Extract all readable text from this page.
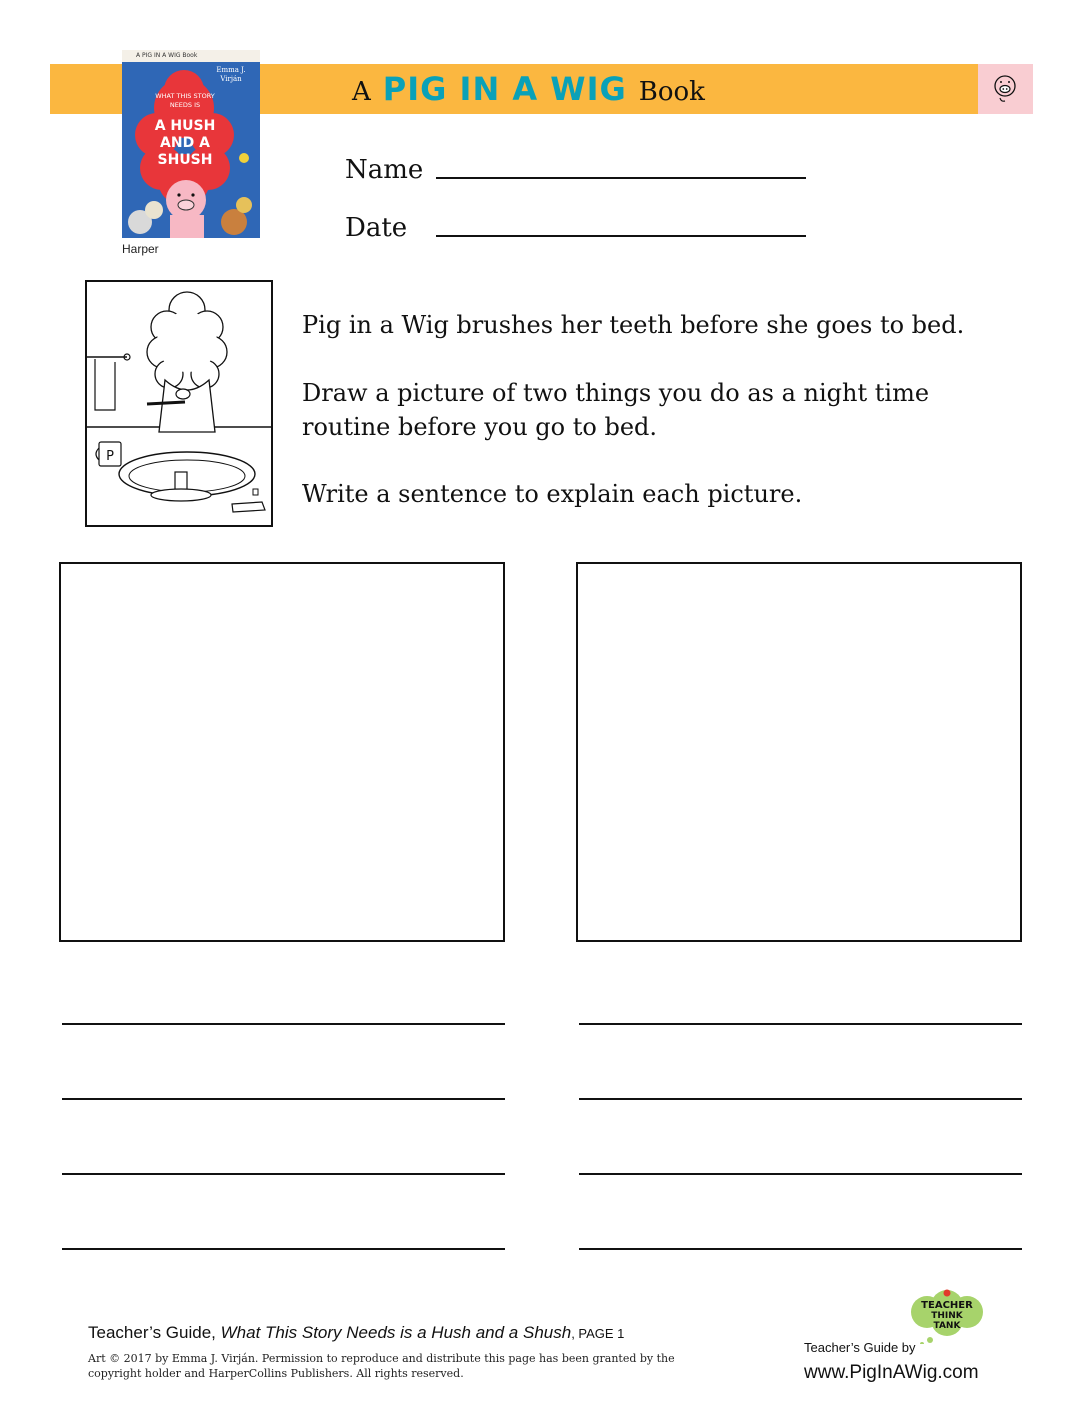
A PIG IN A WIG Book
A PIG IN A WIG Book
Emma J. Virján
WHAT THIS STORY NEEDS IS
A HUSH AND A SHUSH
Harper
Name
Date
P
Pig in a Wig brushes her teeth before she goes to bed.
Draw a picture of two things you do as a night time routine before you go to bed.
Write a sentence to explain each picture.
Teacher’s Guide, What This Story Needs is a Hush and a Shush, PAGE 1
Art © 2017 by Emma J. Virján. Permission to reproduce and distribute this page has been granted by the copyright holder and HarperCollins Publishers. All rights reserved.
TEACHER
THINK
TANK
Teacher’s Guide by
www.PigInAWig.com
